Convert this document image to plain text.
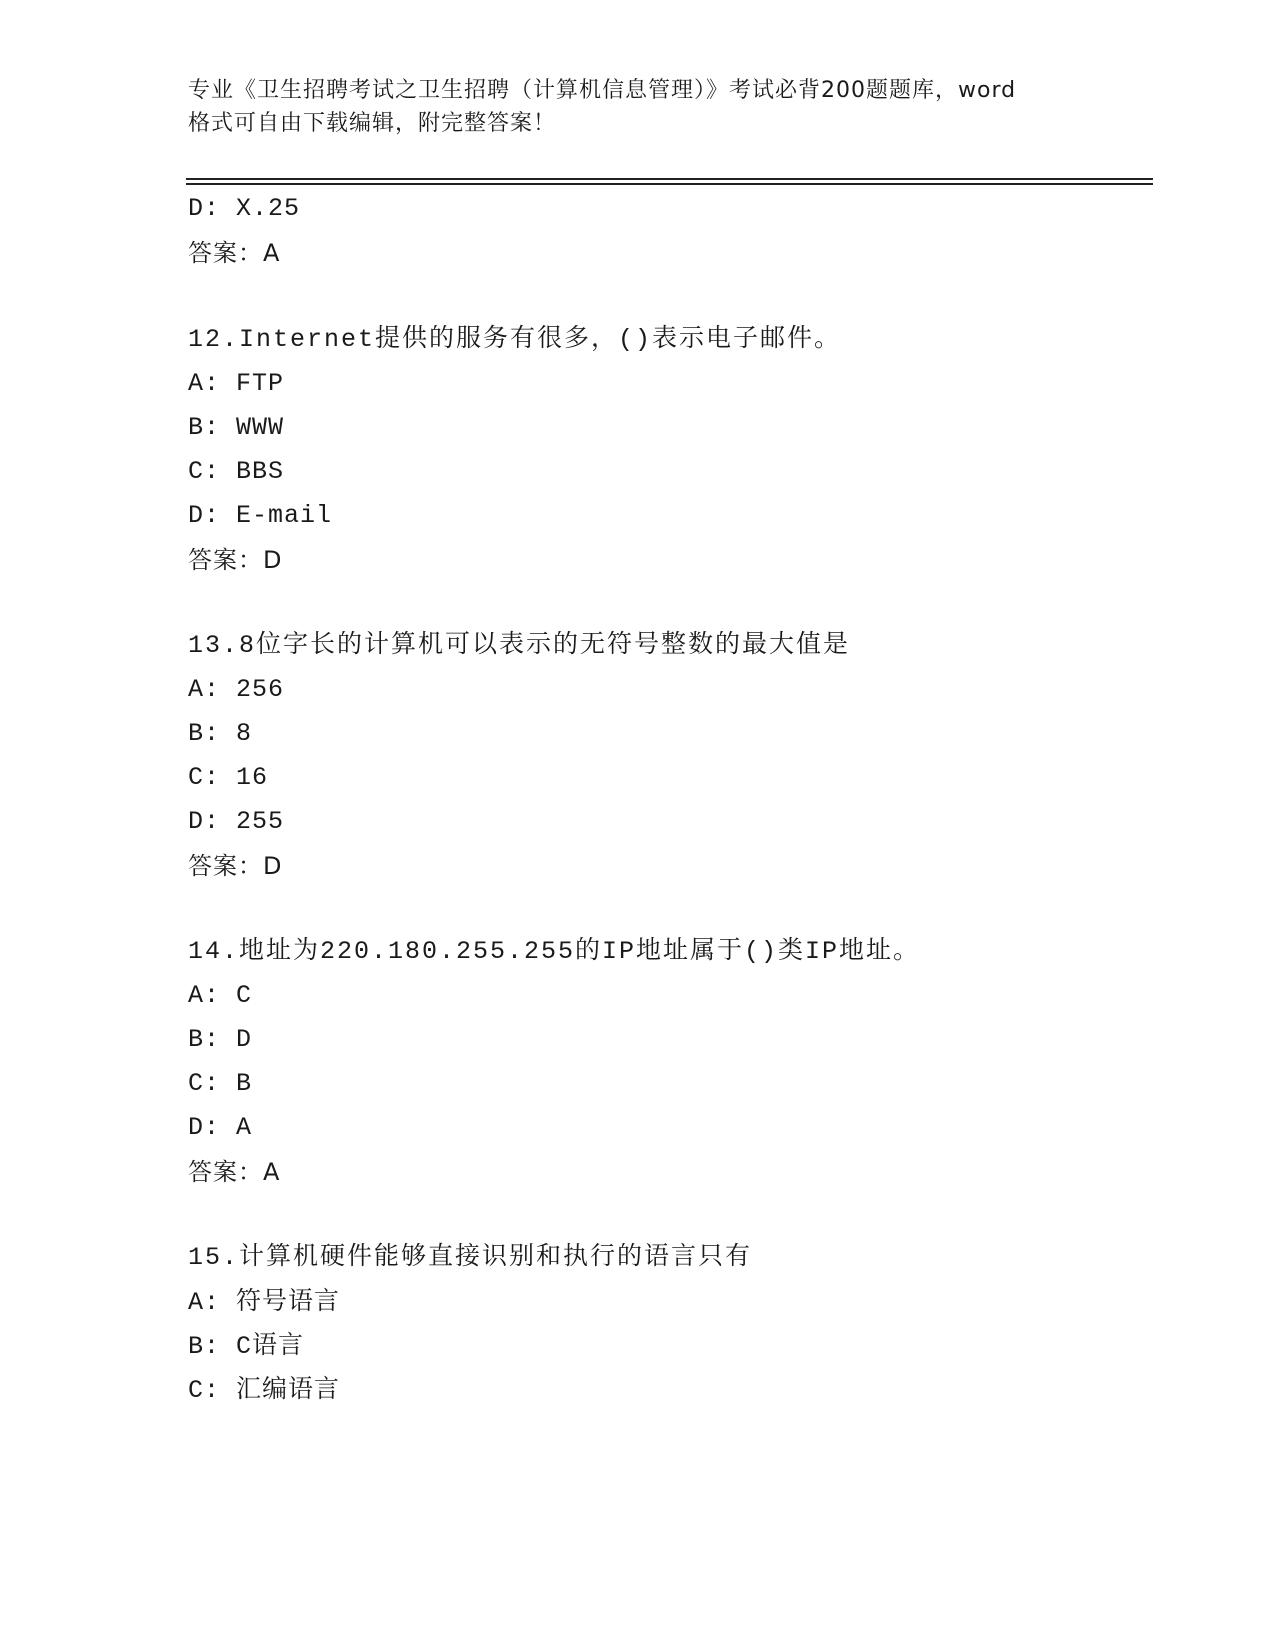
专业《卫生招聘考试之卫生招聘（计算机信息管理）》考试必背200题题库，word
格式可自由下载编辑，附完整答案！
D: X.25
答案：A
12.Internet提供的服务有很多，()表示电子邮件。
A: FTP
B: WWW
C: BBS
D: E-mail
答案：D
13.8位字长的计算机可以表示的无符号整数的最大值是
A: 256
B: 8
C: 16
D: 255
答案：D
14.地址为220.180.255.255的IP地址属于()类IP地址。
A: C
B: D
C: B
D: A
答案：A
15.计算机硬件能够直接识别和执行的语言只有
A: 符号语言
B: C语言
C: 汇编语言
